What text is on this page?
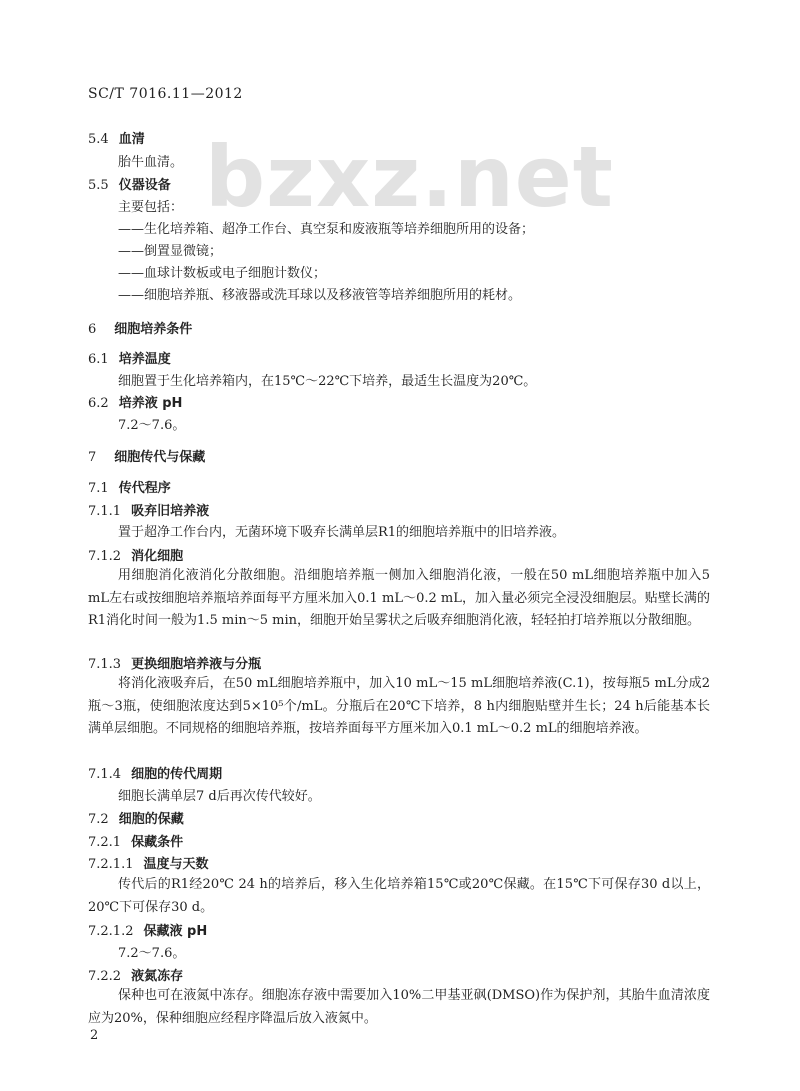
SC/T 7016.11—2012
bzxz.net
5.4 血清
胎牛血清。
5.5 仪器设备
主要包括：
——生化培养箱、超净工作台、真空泵和废液瓶等培养细胞所用的设备；
——倒置显微镜；
——血球计数板或电子细胞计数仪；
——细胞培养瓶、移液器或洗耳球以及移液管等培养细胞所用的耗材。
6 细胞培养条件
6.1 培养温度
细胞置于生化培养箱内，在15℃～22℃下培养，最适生长温度为20℃。
6.2 培养液 pH
7.2～7.6。
7 细胞传代与保藏
7.1 传代程序
7.1.1 吸弃旧培养液
置于超净工作台内，无菌环境下吸弃长满单层R1的细胞培养瓶中的旧培养液。
7.1.2 消化细胞
用细胞消化液消化分散细胞。沿细胞培养瓶一侧加入细胞消化液，一般在50 mL细胞培养瓶中加入5 mL左右或按细胞培养瓶培养面每平方厘米加入0.1 mL～0.2 mL，加入量必须完全浸没细胞层。贴壁长满的R1消化时间一般为1.5 min～5 min，细胞开始呈雾状之后吸弃细胞消化液，轻轻拍打培养瓶以分散细胞。
7.1.3 更换细胞培养液与分瓶
将消化液吸弃后，在50 mL细胞培养瓶中，加入10 mL～15 mL细胞培养液(C.1)，按每瓶5 mL分成2瓶～3瓶，使细胞浓度达到5×10⁵个/mL。分瓶后在20℃下培养，8 h内细胞贴壁并生长；24 h后能基本长满单层细胞。不同规格的细胞培养瓶，按培养面每平方厘米加入0.1 mL～0.2 mL的细胞培养液。
7.1.4 细胞的传代周期
细胞长满单层7 d后再次传代较好。
7.2 细胞的保藏
7.2.1 保藏条件
7.2.1.1 温度与天数
传代后的R1经20℃ 24 h的培养后，移入生化培养箱15℃或20℃保藏。在15℃下可保存30 d以上，20℃下可保存30 d。
7.2.1.2 保藏液 pH
7.2～7.6。
7.2.2 液氮冻存
保种也可在液氮中冻存。细胞冻存液中需要加入10%二甲基亚砜(DMSO)作为保护剂，其胎牛血清浓度应为20%，保种细胞应经程序降温后放入液氮中。
2
